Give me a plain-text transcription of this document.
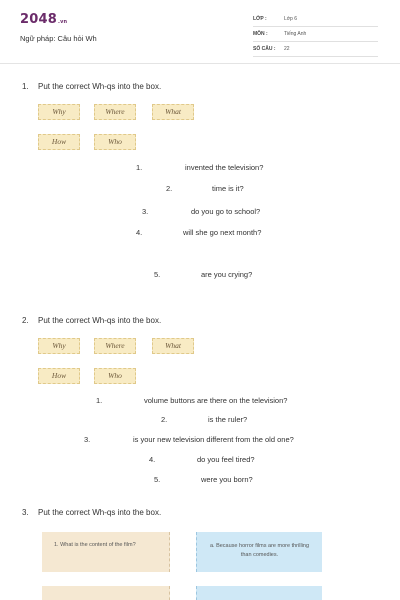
2048.vn
Ngữ pháp: Câu hỏi Wh
LỚP :	Lớp 6
MÔN :	Tiếng Anh
SỐ CÂU : 22
1. Put the correct Wh-qs into the box.
Why	Where	What
How	Who
1.	invented the television?
2.	time is it?
3.	do you go to school?
4.	will she go next month?
5.	are you crying?
2. Put the correct Wh-qs into the box.
Why	Where	What
How	Who
1.	volume buttons are there on the television?
2.	is the ruler?
3.	is your new television different from the old one?
4.	do you feel tired?
5.	were you born?
3. Put the correct Wh-qs into the box.
1. What is the content of the film?	a. Because horror films are more thrilling than comedies.
